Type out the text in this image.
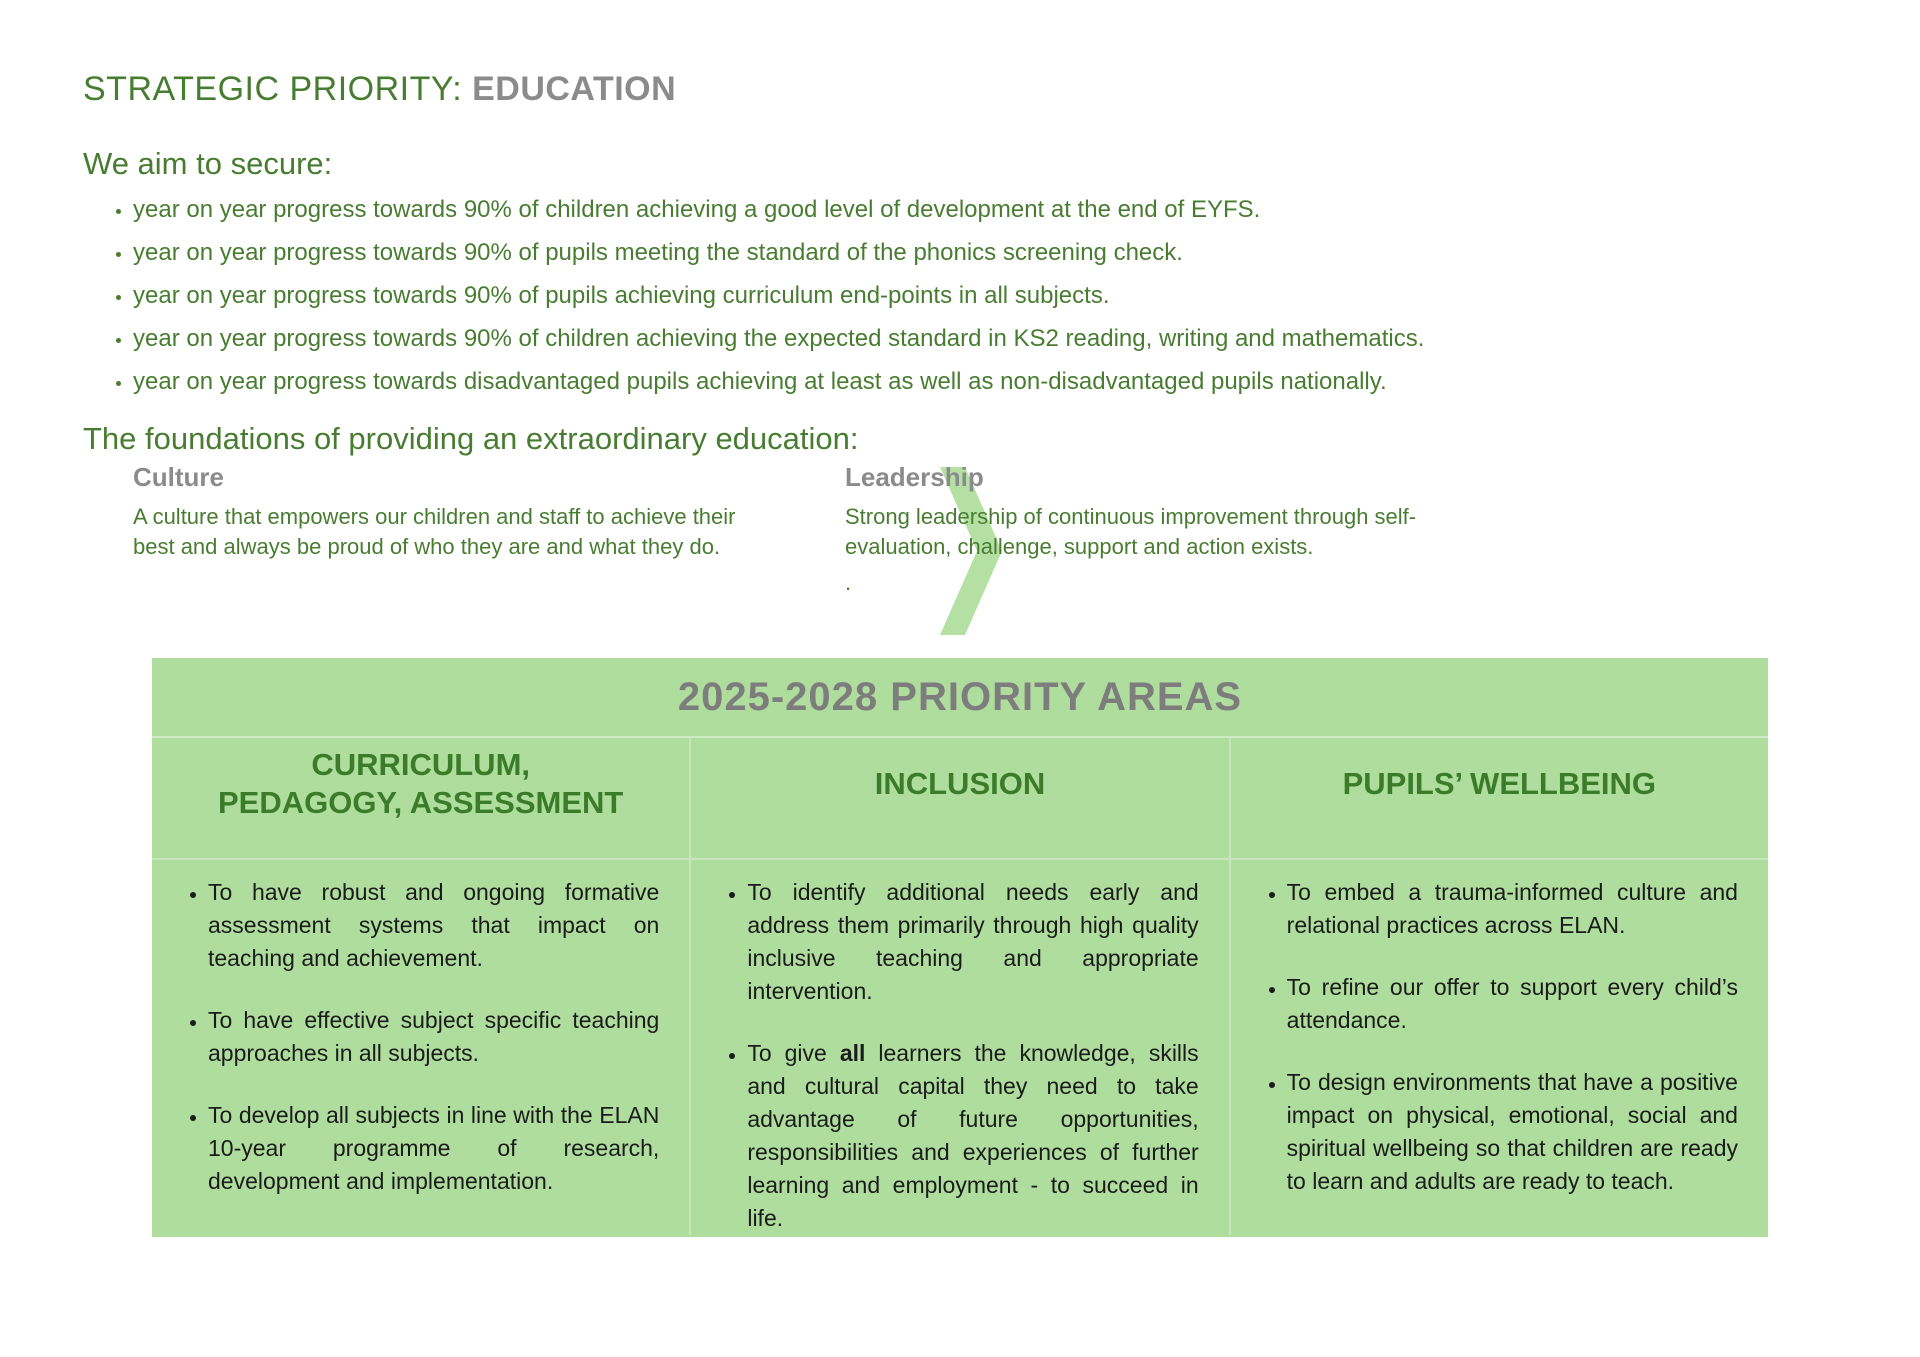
STRATEGIC PRIORITY: EDUCATION
We aim to secure:
• year on year progress towards 90% of children achieving a good level of development at the end of EYFS.
• year on year progress towards 90% of pupils meeting the standard of the phonics screening check.
• year on year progress towards 90% of pupils achieving curriculum end-points in all subjects.
• year on year progress towards 90% of children achieving the expected standard in KS2 reading, writing and mathematics.
• year on year progress towards disadvantaged pupils achieving at least as well as non-disadvantaged pupils nationally.
The foundations of providing an extraordinary education:
Culture
A culture that empowers our children and staff to achieve their best and always be proud of who they are and what they do.
Leadership
Strong leadership of continuous improvement through self-evaluation, challenge, support and action exists.
.
2025-2028 PRIORITY AREAS
CURRICULUM,
PEDAGOGY, ASSESSMENT
• To have robust and ongoing formative assessment systems that impact on teaching and achievement.
• To have effective subject specific teaching approaches in all subjects.
• To develop all subjects in line with the ELAN 10-year programme of research, development and implementation.
INCLUSION
• To identify additional needs early and address them primarily through high quality inclusive teaching and appropriate intervention.
• To give all learners the knowledge, skills and cultural capital they need to take advantage of future opportunities, responsibilities and experiences of further learning and employment - to succeed in life.
PUPILS’ WELLBEING
• To embed a trauma-informed culture and relational practices across ELAN.
• To refine our offer to support every child’s attendance.
• To design environments that have a positive impact on physical, emotional, social and spiritual wellbeing so that children are ready to learn and adults are ready to teach.
